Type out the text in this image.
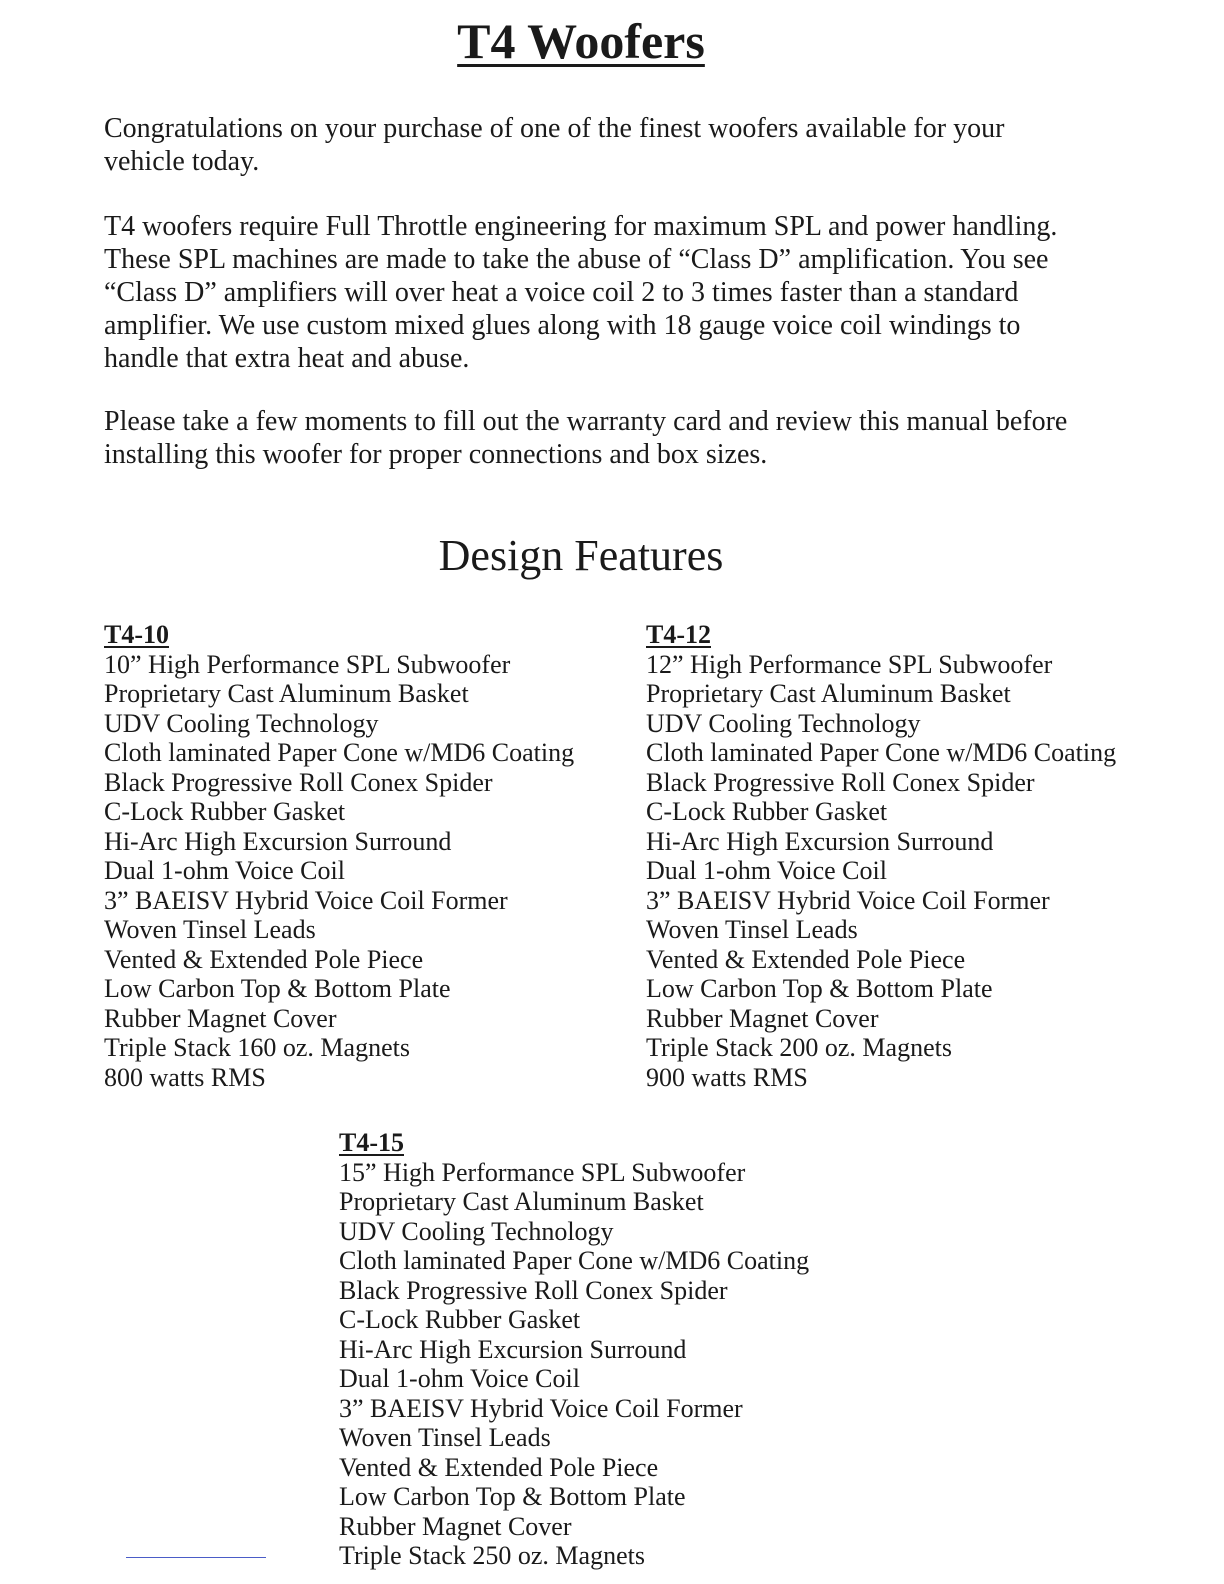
T4 Woofers

Congratulations on your purchase of one of the finest woofers available for your vehicle today.

T4 woofers require Full Throttle engineering for maximum SPL and power handling. These SPL machines are made to take the abuse of “Class D” amplification. You see “Class D” amplifiers will over heat a voice coil 2 to 3 times faster than a standard amplifier. We use custom mixed glues along with 18 gauge voice coil windings to handle that extra heat and abuse.

Please take a few moments to fill out the warranty card and review this manual before installing this woofer for proper connections and box sizes.

Design Features
T4-10
10” High Performance SPL Subwoofer
Proprietary Cast Aluminum Basket
UDV Cooling Technology
Cloth laminated Paper Cone w/MD6 Coating
Black Progressive Roll Conex Spider
C-Lock Rubber Gasket
Hi-Arc High Excursion Surround
Dual 1-ohm Voice Coil
3” BAEISV Hybrid Voice Coil Former
Woven Tinsel Leads
Vented & Extended Pole Piece
Low Carbon Top & Bottom Plate
Rubber Magnet Cover
Triple Stack 160 oz. Magnets
800 watts RMS
T4-12
12” High Performance SPL Subwoofer
Proprietary Cast Aluminum Basket
UDV Cooling Technology
Cloth laminated Paper Cone w/MD6 Coating
Black Progressive Roll Conex Spider
C-Lock Rubber Gasket
Hi-Arc High Excursion Surround
Dual 1-ohm Voice Coil
3” BAEISV Hybrid Voice Coil Former
Woven Tinsel Leads
Vented & Extended Pole Piece
Low Carbon Top & Bottom Plate
Rubber Magnet Cover
Triple Stack 200 oz. Magnets
900 watts RMS
T4-15
15” High Performance SPL Subwoofer
Proprietary Cast Aluminum Basket
UDV Cooling Technology
Cloth laminated Paper Cone w/MD6 Coating
Black Progressive Roll Conex Spider
C-Lock Rubber Gasket
Hi-Arc High Excursion Surround
Dual 1-ohm Voice Coil
3” BAEISV Hybrid Voice Coil Former
Woven Tinsel Leads
Vented & Extended Pole Piece
Low Carbon Top & Bottom Plate
Rubber Magnet Cover
Triple Stack 250 oz. Magnets
